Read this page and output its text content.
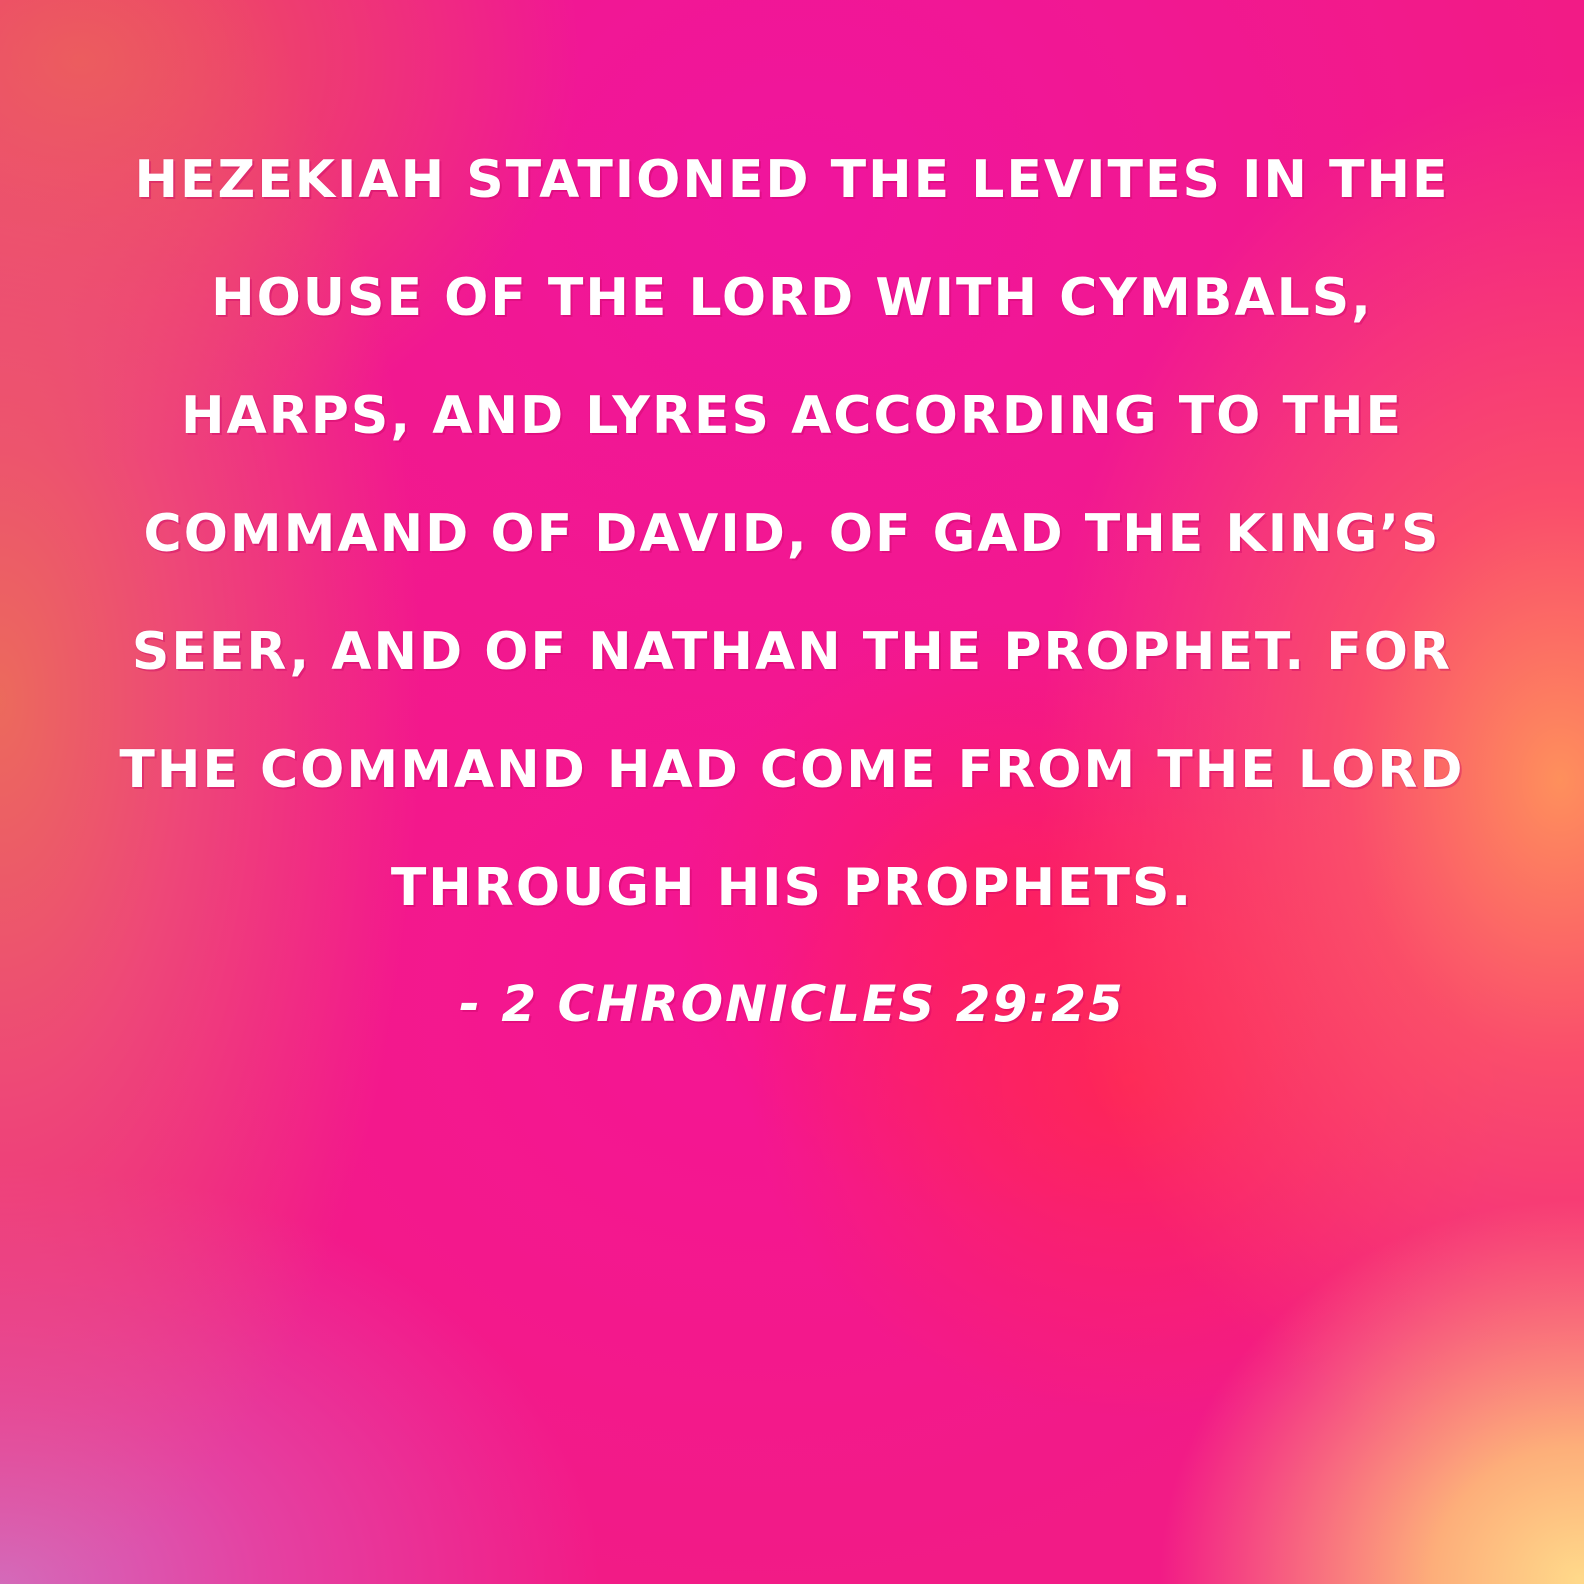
HEZEKIAH STATIONED THE LEVITES IN THE
HOUSE OF THE LORD WITH CYMBALS,
HARPS, AND LYRES ACCORDING TO THE
COMMAND OF DAVID, OF GAD THE KING’S
SEER, AND OF NATHAN THE PROPHET. FOR
THE COMMAND HAD COME FROM THE LORD
THROUGH HIS PROPHETS.
- 2 CHRONICLES 29:25
